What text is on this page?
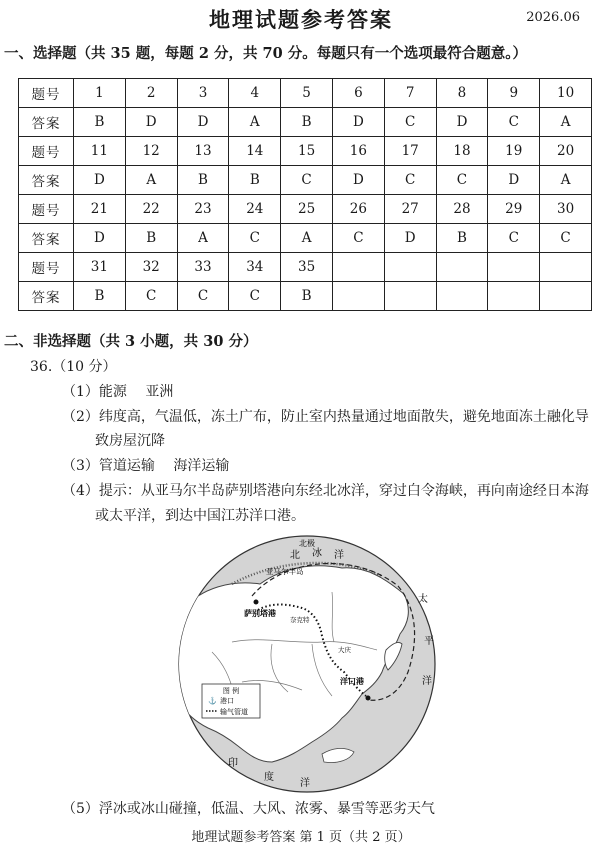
地理试题参考答案	2026.06
一、选择题（共 35 题，每题 2 分，共 70 分。每题只有一个选项最符合题意。）
题号	1	2	3	4	5	6	7	8	9	10
答案	B	D	D	A	B	D	C	D	C	A
题号	11	12	13	14	15	16	17	18	19	20
答案	D	A	B	B	C	D	C	C	D	A
题号	21	22	23	24	25	26	27	28	29	30
答案	D	B	A	C	A	C	D	B	C	C
题号	31	32	33	34	35					
答案	B	C	C	C	B					
二、非选择题（共 3 小题，共 30 分）
36.（10 分）
（1）能源　 亚洲
（2）纬度高，气温低，冻土广布，防止室内热量通过地面散失，避免地面冻土融化导
致房屋沉降
（3）管道运输　 海洋运输
（4）提示：从亚马尔半岛萨别塔港向东经北冰洋，穿过白令海峡，再向南途经日本海
或太平洋，到达中国江苏洋口港。
北极
北 冰 洋
亚马尔半岛
萨别塔港
奈克特
大庆
洋口港
太
平
洋
印
度
洋
图 例
⚓ 港口
输气管道
（5）浮冰或冰山碰撞，低温、大风、浓雾、暴雪等恶劣天气
地理试题参考答案 第 1 页（共 2 页）
